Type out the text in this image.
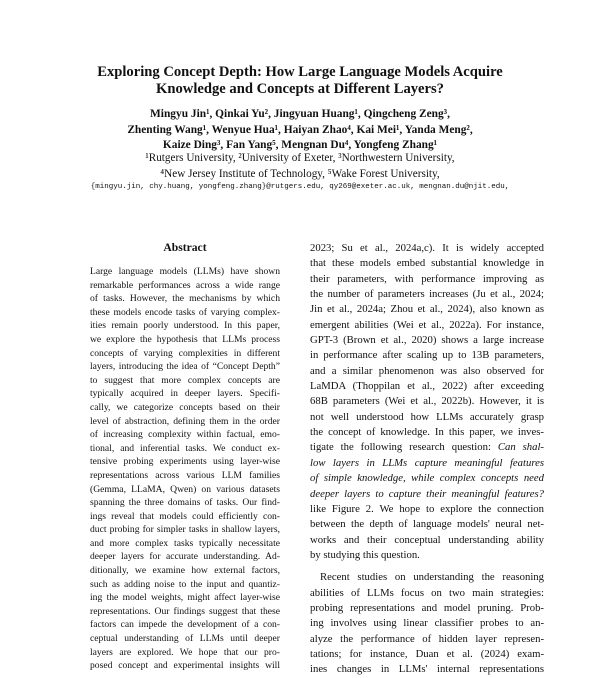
Exploring Concept Depth: How Large Language Models Acquire
Knowledge and Concepts at Different Layers?
Mingyu Jin¹, Qinkai Yu², Jingyuan Huang¹, Qingcheng Zeng³,
Zhenting Wang¹, Wenyue Hua¹, Haiyan Zhao⁴, Kai Mei¹, Yanda Meng²,
Kaize Ding³, Fan Yang⁵, Mengnan Du⁴, Yongfeng Zhang¹
¹Rutgers University, ²University of Exeter, ³Northwestern University,
⁴New Jersey Institute of Technology, ⁵Wake Forest University,
{mingyu.jin, chy.huang, yongfeng.zhang}@rutgers.edu, qy269@exeter.ac.uk, mengnan.du@njit.edu,
Abstract
Large language models (LLMs) have shown
remarkable performances across a wide range
of tasks. However, the mechanisms by which
these models encode tasks of varying complex-
ities remain poorly understood. In this paper,
we explore the hypothesis that LLMs process
concepts of varying complexities in different
layers, introducing the idea of “Concept Depth”
to suggest that more complex concepts are
typically acquired in deeper layers. Specifi-
cally, we categorize concepts based on their
level of abstraction, defining them in the order
of increasing complexity within factual, emo-
tional, and inferential tasks. We conduct ex-
tensive probing experiments using layer-wise
representations across various LLM families
(Gemma, LLaMA, Qwen) on various datasets
spanning the three domains of tasks. Our find-
ings reveal that models could efficiently con-
duct probing for simpler tasks in shallow layers,
and more complex tasks typically necessitate
deeper layers for accurate understanding. Ad-
ditionally, we examine how external factors,
such as adding noise to the input and quantiz-
ing the model weights, might affect layer-wise
representations. Our findings suggest that these
factors can impede the development of a con-
ceptual understanding of LLMs until deeper
layers are explored. We hope that our pro-
posed concept and experimental insights will
2023; Su et al., 2024a,c). It is widely accepted
that these models embed substantial knowledge in
their parameters, with performance improving as
the number of parameters increases (Ju et al., 2024;
Jin et al., 2024a; Zhou et al., 2024), also known as
emergent abilities (Wei et al., 2022a). For instance,
GPT-3 (Brown et al., 2020) shows a large increase
in performance after scaling up to 13B parameters,
and a similar phenomenon was also observed for
LaMDA (Thoppilan et al., 2022) after exceeding
68B parameters (Wei et al., 2022b). However, it is
not well understood how LLMs accurately grasp
the concept of knowledge. In this paper, we inves-
tigate the following research question: Can shal-
low layers in LLMs capture meaningful features
of simple knowledge, while complex concepts need
deeper layers to capture their meaningful features?
like Figure 2. We hope to explore the connection
between the depth of language models' neural net-
works and their conceptual understanding ability
by studying this question.
Recent studies on understanding the reasoning
abilities of LLMs focus on two main strategies:
probing representations and model pruning. Prob-
ing involves using linear classifier probes to an-
alyze the performance of hidden layer represen-
tations; for instance, Duan et al. (2024) exam-
ines changes in LLMs' internal representations
